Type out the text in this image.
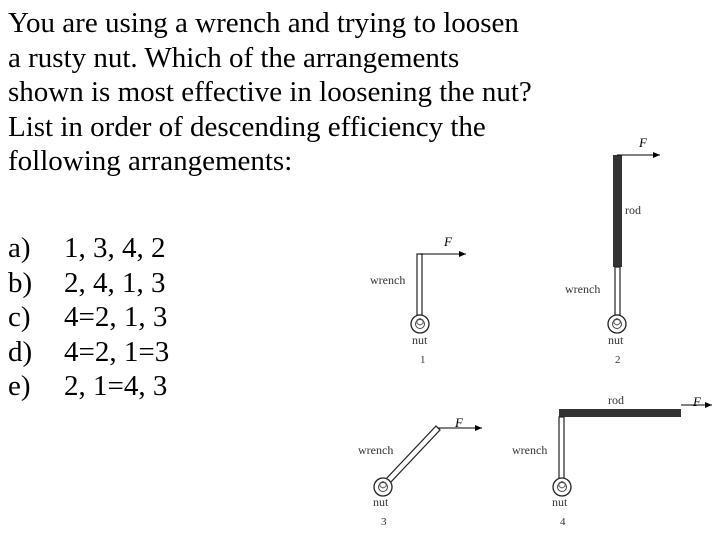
You are using a wrench and trying to loosen
a rusty nut. Which of the arrangements
shown is most effective in loosening the nut?
List in order of descending efficiency the
following arrangements:
a) 1, 3, 4, 2
b) 2, 4, 1, 3
c) 4=2, 1, 3
d) 4=2, 1=3
e) 2, 1=4, 3
F
wrench
nut
1
F
rod
wrench
nut
2
F
wrench
nut
3
F
rod
wrench
nut
4
